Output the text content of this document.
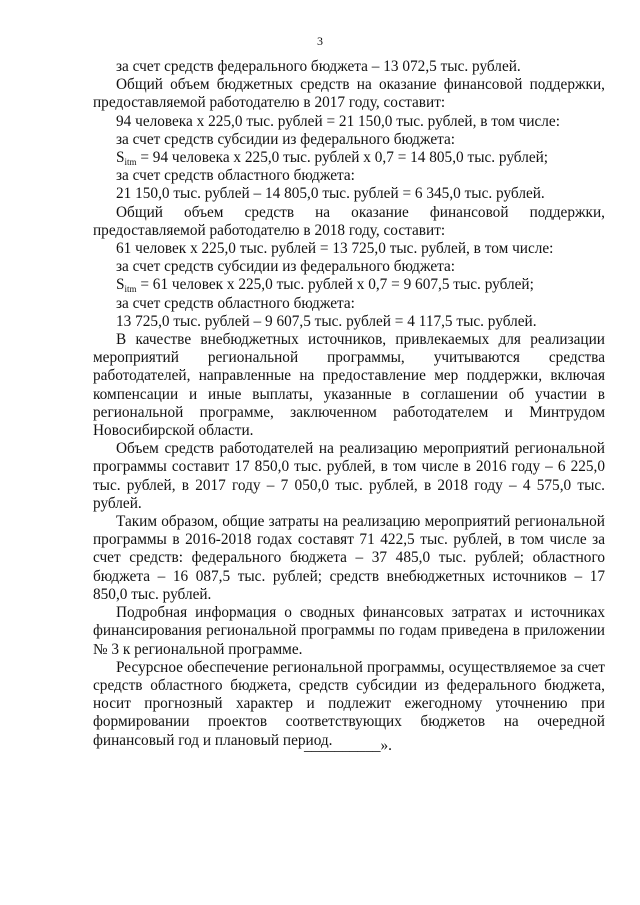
3

за счет средств федерального бюджета – 13 072,5 тыс. рублей.

Общий объем бюджетных средств на оказание финансовой поддержки, предоставляемой работодателю в 2017 году, составит:

94 человека х 225,0 тыс. рублей = 21 150,0 тыс. рублей, в том числе:

за счет средств субсидии из федерального бюджета:

$S_{itm} = 94$ человека х 225,0 тыс. рублей х 0,7 = 14 805,0 тыс. рублей;

за счет средств областного бюджета:

21 150,0 тыс. рублей – 14 805,0 тыс. рублей = 6 345,0 тыс. рублей.

Общий объем средств на оказание финансовой поддержки, предоставляемой работодателю в 2018 году, составит:

61 человек х 225,0 тыс. рублей = 13 725,0 тыс. рублей, в том числе:

за счет средств субсидии из федерального бюджета:

$S_{itm} = 61$ человек х 225,0 тыс. рублей х 0,7 = 9 607,5 тыс. рублей;

за счет средств областного бюджета:

13 725,0 тыс. рублей – 9 607,5 тыс. рублей = 4 117,5 тыс. рублей.

В качестве внебюджетных источников, привлекаемых для реализации мероприятий региональной программы, учитываются средства работодателей, направленные на предоставление мер поддержки, включая компенсации и иные выплаты, указанные в соглашении об участии в региональной программе, заключенном работодателем и Минтрудом Новосибирской области.

Объем средств работодателей на реализацию мероприятий региональной программы составит 17 850,0 тыс. рублей, в том числе в 2016 году – 6 225,0 тыс. рублей, в 2017 году – 7 050,0 тыс. рублей, в 2018 году – 4 575,0 тыс. рублей.

Таким образом, общие затраты на реализацию мероприятий региональной программы в 2016-2018 годах составят 71 422,5 тыс. рублей, в том числе за счет средств: федерального бюджета – 37 485,0 тыс. рублей; областного бюджета – 16 087,5 тыс. рублей; средств внебюджетных источников – 17 850,0 тыс. рублей.

Подробная информация о сводных финансовых затратах и источниках финансирования региональной программы по годам приведена в приложении № 3 к региональной программе.

Ресурсное обеспечение региональной программы, осуществляемое за счет средств областного бюджета, средств субсидии из федерального бюджета, носит прогнозный характер и подлежит ежегодному уточнению при формировании проектов соответствующих бюджетов на очередной финансовый год и плановый период.

__________».
